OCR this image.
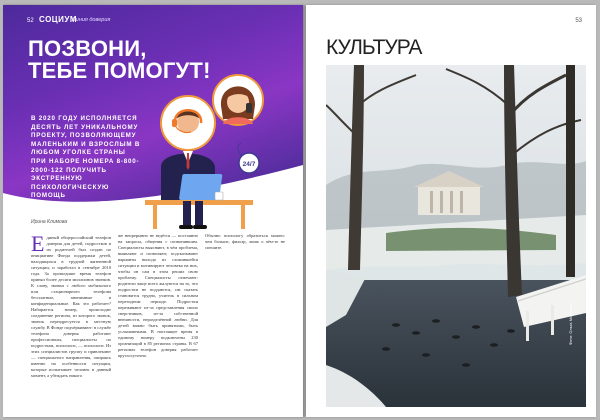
52 СОЦИУМ
Линия доверия
ПОЗВОНИ,
ТЕБЕ ПОМОГУТ!
В 2020 ГОДУ ИСПОЛНЯЕТСЯ ДЕСЯТЬ ЛЕТ УНИКАЛЬНОМУ ПРОЕКТУ, ПОЗВОЛЯЮЩЕМУ МАЛЕНЬКИМ И ВЗРОСЛЫМ В ЛЮБОМ УГОЛКЕ СТРАНЫ ПРИ НАБОРЕ НОМЕРА 8-800-2000-122 ПОЛУЧИТЬ ЭКСТРЕННУЮ ПСИХОЛОГИЧЕСКУЮ ПОМОЩЬ
24/7
Ирина Климова
Е диный общероссийский телефон доверия для детей, подростков и их родителей был создан по инициативе Фонда поддержки детей, находящихся в трудной жизненной ситуации, и заработал в сентябре 2010 года. За прошедшие время телефон принял более десяти миллионов звонков. К слову, звонки с любого мобильного или стационарного телефона бесплатные, анонимные и конфиденциальные. Как это работает? Набирается номер, происходит соединение региона, из которого звонок, звонок переадресуется в местную службу. В Фонде подчёркивают: в службе телефона доверия работают профессионалы, специалисты по подросткам, психологи, — психологи. Из этих специалистов группу и привлекают — специального направления, опираясь именно на особенности ситуации, которые испытывает человек в данный момент, а убеждать никого
же непрерывно не ведётся — постоянно на запросы, общения с позвонившим. Специалисты выясняют, в чём проблема, выявляют и позволяют, подсказывают варианты выхода из сложившейся ситуации и мотивируют человека на них, чтобы он сам в этом решил свою проблему. Специалисты отмечают: родители чаще всего жалуются на то, что подростки не поддаются, им сказать становится трудно, учитель в сильном переходном периоде. Подростки переживают из-за представления своих сверстников, из-за собственной внешности, неразделённой любви. Для детей важно быть принятыми, быть услышанными. В настоящее время в единому номеру подключены 230 организаций в 85 регионах страны. В 67 регионах телефон доверия работает круглосуточно.
Обычно психологу обратиться можно: чем больше, фильтр, лишь о чём-то не спешите.
53
КУЛЬТУРА
Фото: Ольга Морозова
